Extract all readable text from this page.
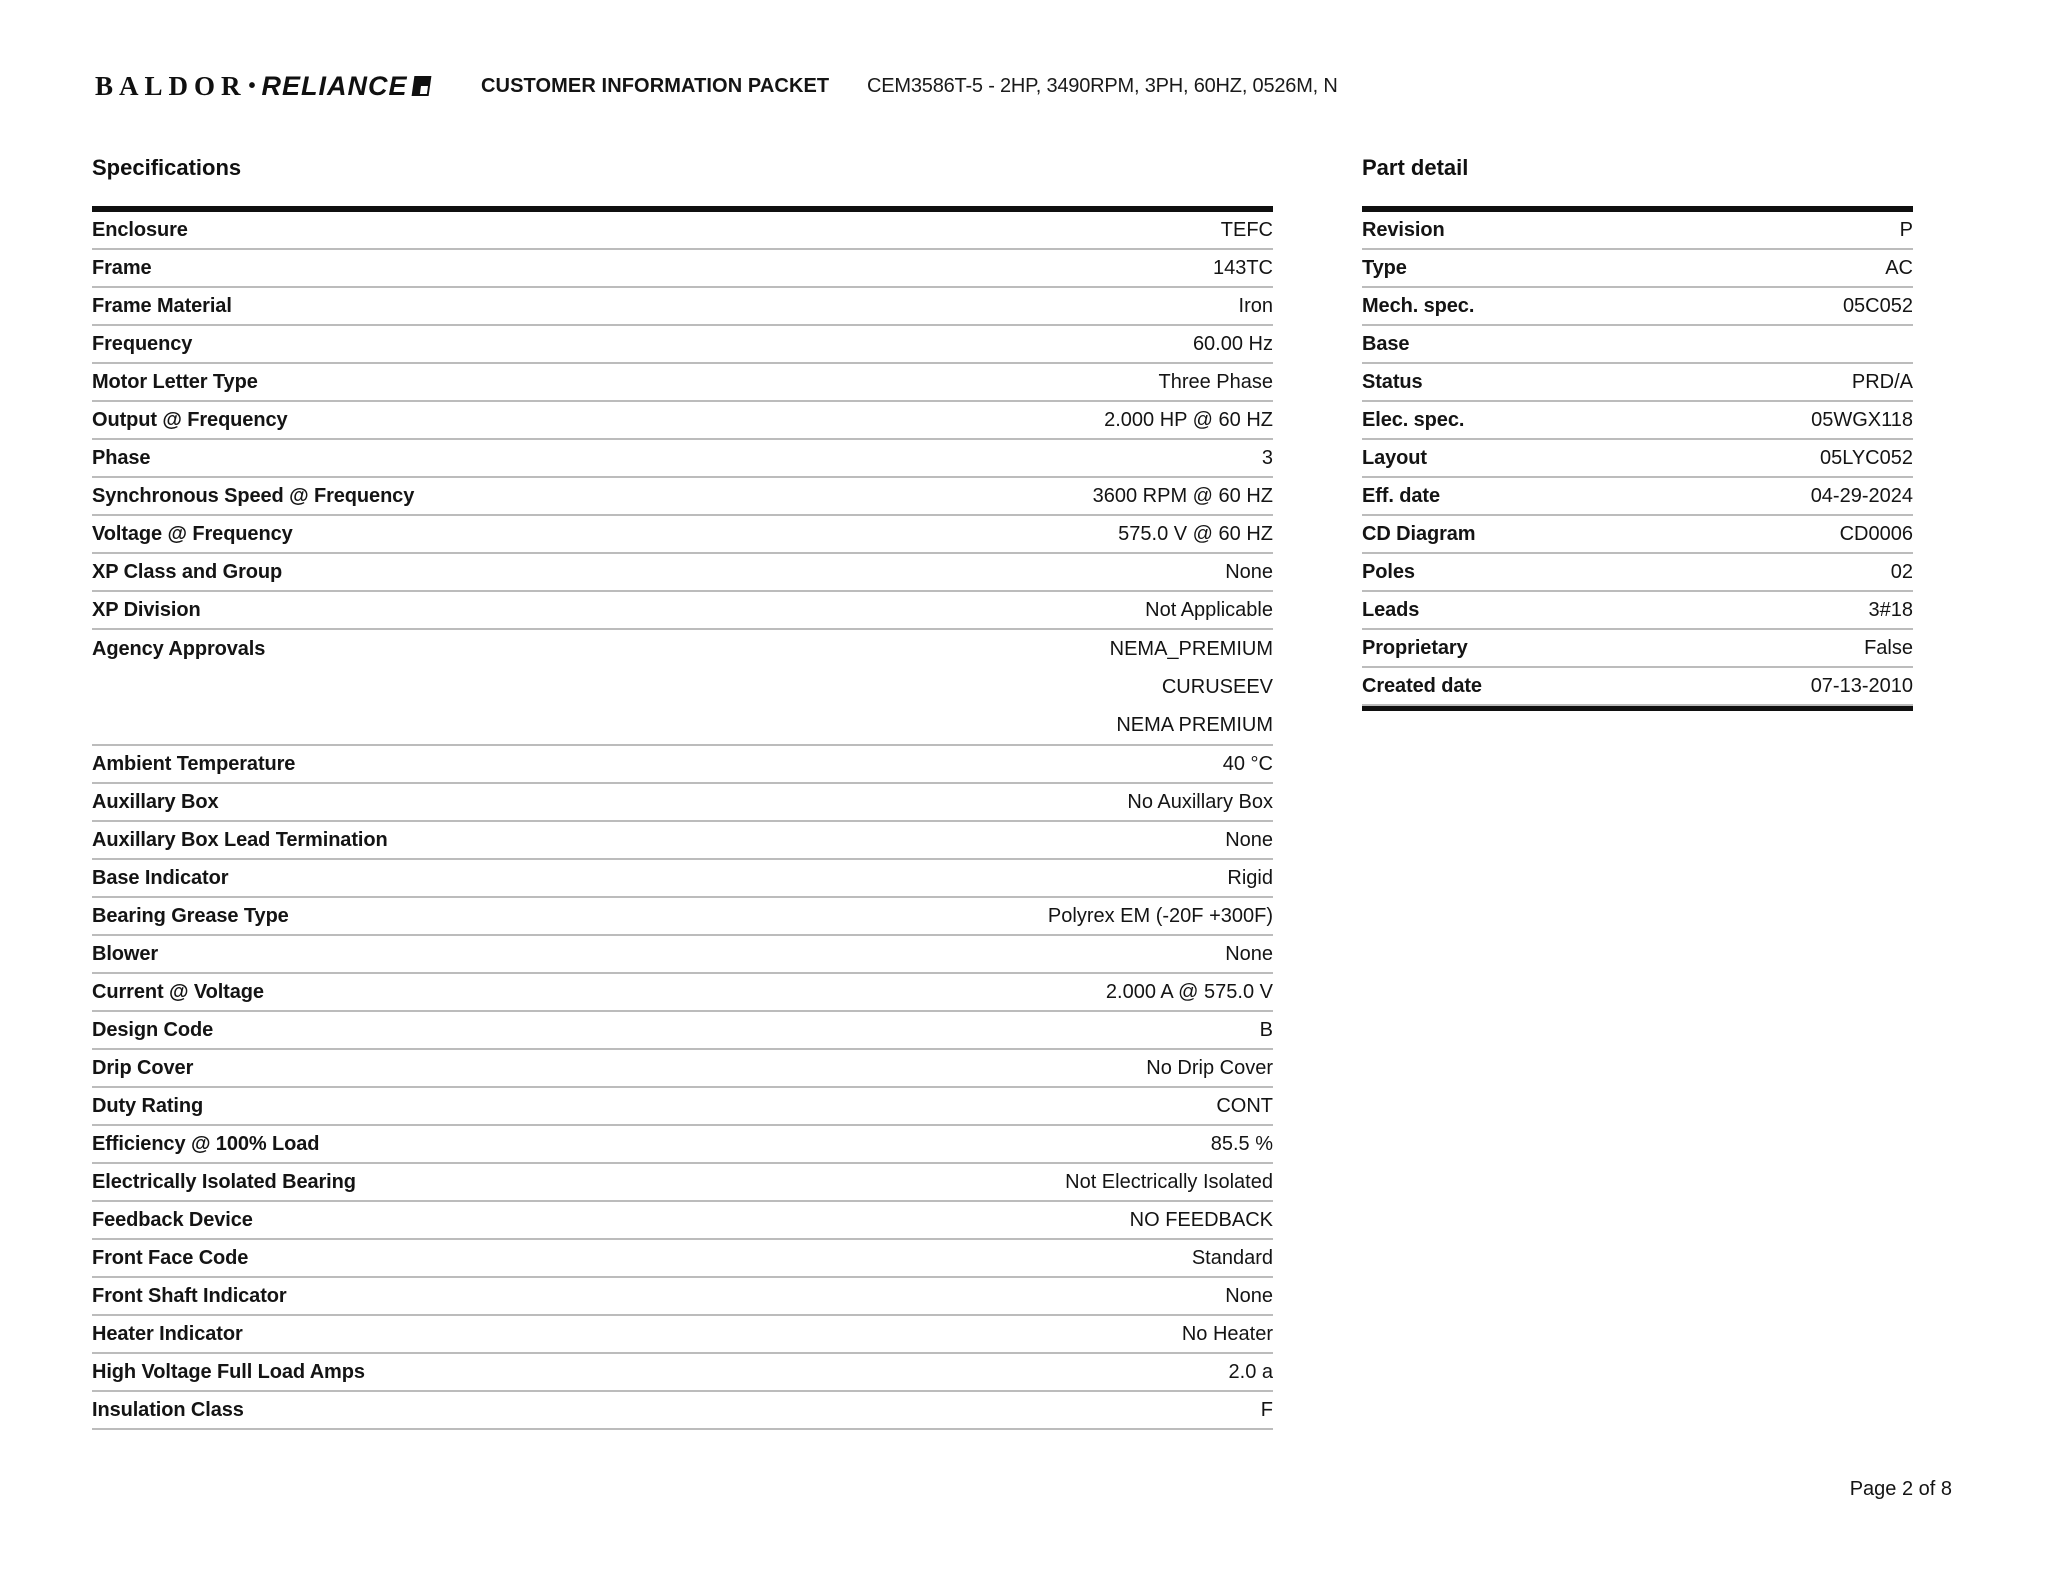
BALDOR • RELIANCE	CUSTOMER INFORMATION PACKET CEM3586T-5 - 2HP, 3490RPM, 3PH, 60HZ, 0526M, N
Specifications
Enclosure	TEFC
Frame	143TC
Frame Material	Iron
Frequency	60.00 Hz
Motor Letter Type	Three Phase
Output @ Frequency	2.000 HP @ 60 HZ
Phase	3
Synchronous Speed @ Frequency	3600 RPM @ 60 HZ
Voltage @ Frequency	575.0 V @ 60 HZ
XP Class and Group	None
XP Division	Not Applicable
Agency Approvals	NEMA_PREMIUM
CURUSEEV
NEMA PREMIUM
Ambient Temperature	40 °C
Auxillary Box	No Auxillary Box
Auxillary Box Lead Termination	None
Base Indicator	Rigid
Bearing Grease Type	Polyrex EM (-20F +300F)
Blower	None
Current @ Voltage	2.000 A @ 575.0 V
Design Code	B
Drip Cover	No Drip Cover
Duty Rating	CONT
Efficiency @ 100% Load	85.5 %
Electrically Isolated Bearing	Not Electrically Isolated
Feedback Device	NO FEEDBACK
Front Face Code	Standard
Front Shaft Indicator	None
Heater Indicator	No Heater
High Voltage Full Load Amps	2.0 a
Insulation Class	F
Part detail
Revision	P
Type	AC
Mech. spec.	05C052
Base
Status	PRD/A
Elec. spec.	05WGX118
Layout	05LYC052
Eff. date	04-29-2024
CD Diagram	CD0006
Poles	02
Leads	3#18
Proprietary	False
Created date	07-13-2010
Page 2 of 8
